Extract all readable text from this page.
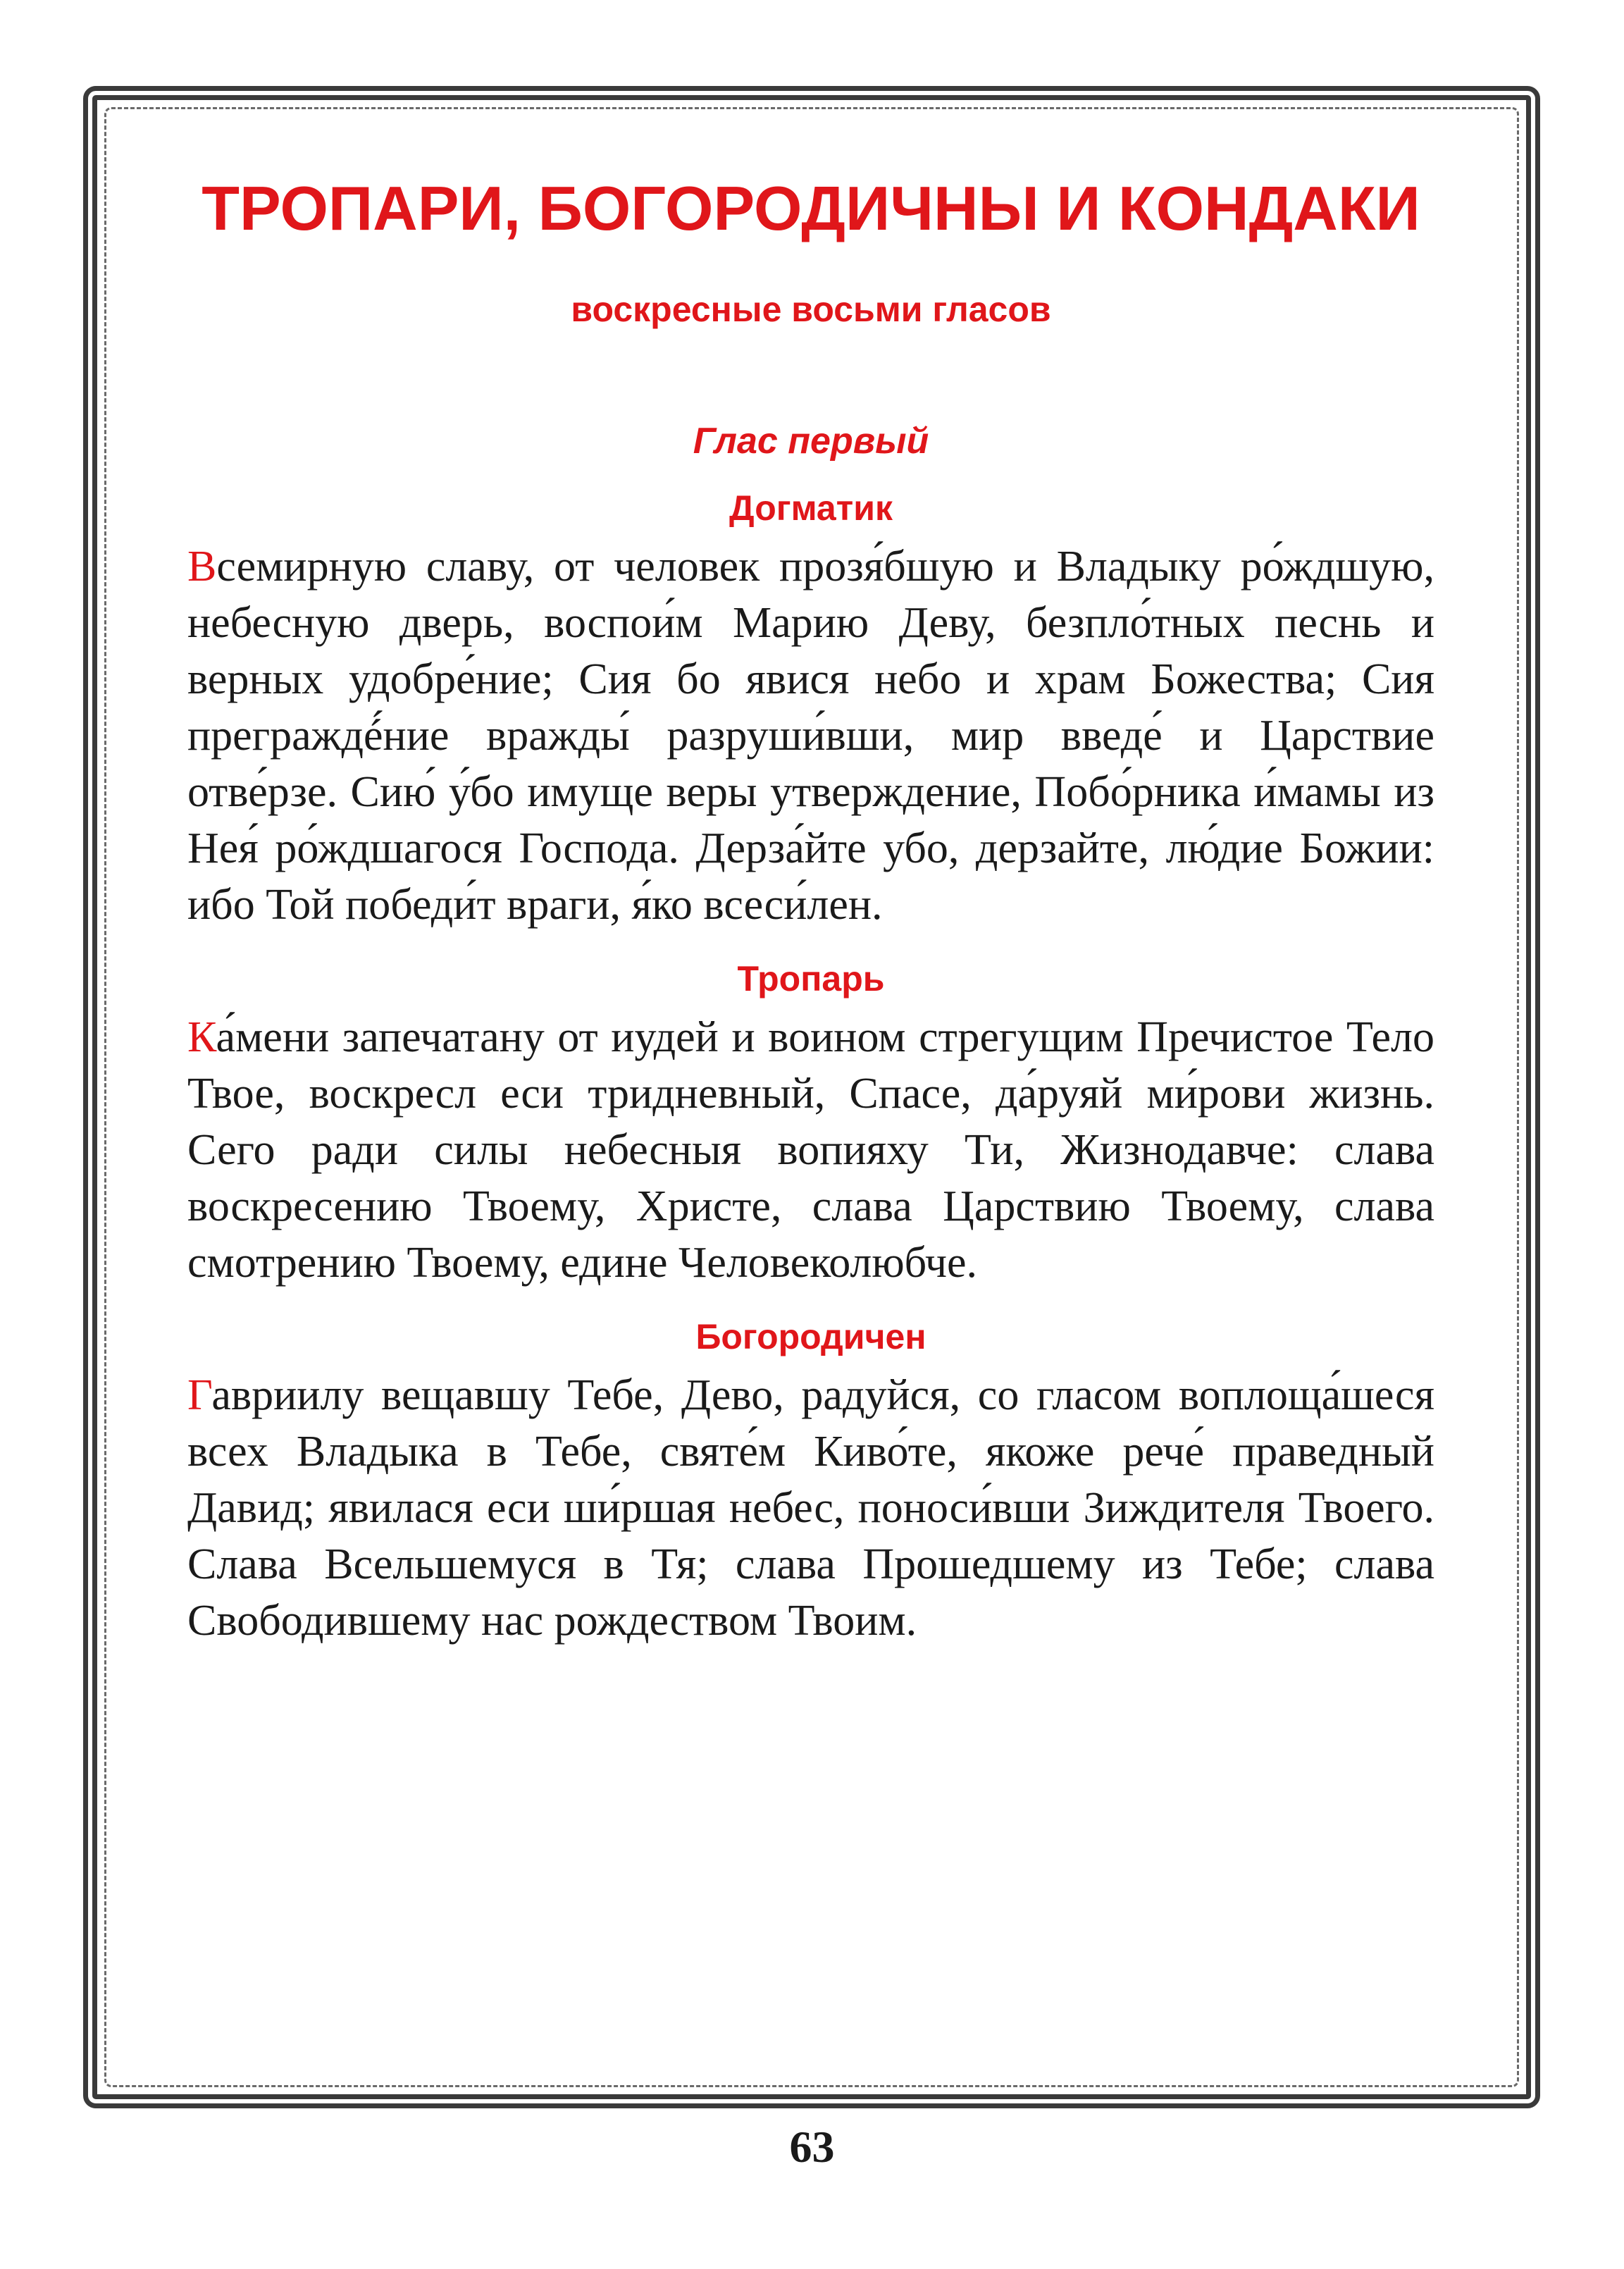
ТРОПАРИ, БОГОРОДИЧНЫ И КОНДАКИ
воскресные восьми гласов
Глас первый
Догматик

Всемирную славу, от человек прозя́бшую и Владыку ро́ждшую, небесную дверь, воспои́м Марию Деву, безпло́тных песнь и верных удобре́ние; Сия бо явися небо и храм Божества; Сия преграждé́ние вражды́ разруши́вши, мир введе́ и Царствие отве́рзе. Сию́ у́бо имуще веры утверждение, Побо́рника и́мамы из Нея́ ро́ждшагося Господа. Дерза́йте убо, дерзайте, лю́дие Божии: ибо Той победи́т враги, я́ко всеси́лен.

Тропарь

Ка́мени запечатану от иудей и воином стрегущим Пречистое Тело Твое, воскресл еси тридневный, Спасе, да́руяй ми́рови жизнь. Сего ради силы небесныя вопияху Ти, Жизнодавче: слава воскресению Твоему, Христе, слава Царствию Твоему, слава смотрению Твоему, едине Человеколюбче.

Богородичен

Гавриилу вещавшу Тебе, Дево, радуйся, со гласом воплоща́шеся всех Владыка в Тебе, святе́м Киво́те, якоже рече́ праведный Давид; явилася еси ши́ршая небес, поноси́вши Зиждителя Твоего. Слава Всельшемуся в Тя; слава Прошедшему из Тебе; слава Свободившему нас рождеством Твоим.

63
